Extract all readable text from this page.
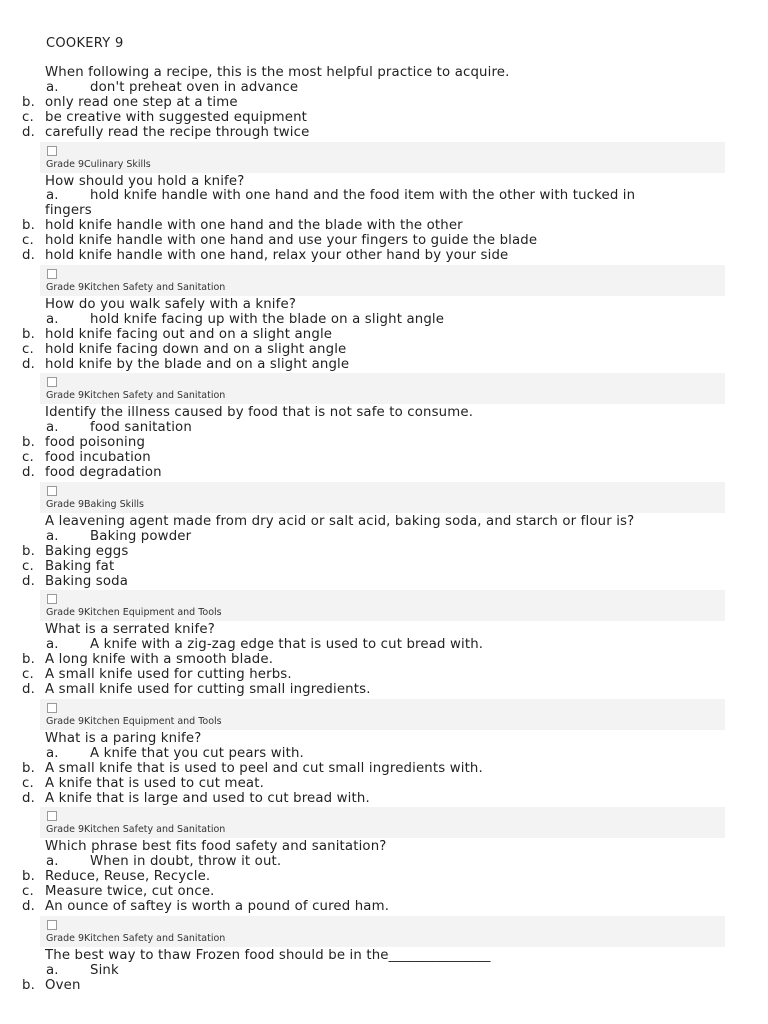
COOKERY 9
When following a recipe, this is the most helpful practice to acquire.
a. don't preheat oven in advance
b. only read one step at a time
c. be creative with suggested equipment
d. carefully read the recipe through twice
Grade 9Culinary Skills
How should you hold a knife?
a. hold knife handle with one hand and the food item with the other with tucked in
fingers
b. hold knife handle with one hand and the blade with the other
c. hold knife handle with one hand and use your fingers to guide the blade
d. hold knife handle with one hand, relax your other hand by your side
Grade 9Kitchen Safety and Sanitation
How do you walk safely with a knife?
a. hold knife facing up with the blade on a slight angle
b. hold knife facing out and on a slight angle
c. hold knife facing down and on a slight angle
d. hold knife by the blade and on a slight angle
Grade 9Kitchen Safety and Sanitation
Identify the illness caused by food that is not safe to consume.
a. food sanitation
b. food poisoning
c. food incubation
d. food degradation
Grade 9Baking Skills
A leavening agent made from dry acid or salt acid, baking soda, and starch or flour is?
a. Baking powder
b. Baking eggs
c. Baking fat
d. Baking soda
Grade 9Kitchen Equipment and Tools
What is a serrated knife?
a. A knife with a zig-zag edge that is used to cut bread with.
b. A long knife with a smooth blade.
c. A small knife used for cutting herbs.
d. A small knife used for cutting small ingredients.
Grade 9Kitchen Equipment and Tools
What is a paring knife?
a. A knife that you cut pears with.
b. A small knife that is used to peel and cut small ingredients with.
c. A knife that is used to cut meat.
d. A knife that is large and used to cut bread with.
Grade 9Kitchen Safety and Sanitation
Which phrase best fits food safety and sanitation?
a. When in doubt, throw it out.
b. Reduce, Reuse, Recycle.
c. Measure twice, cut once.
d. An ounce of saftey is worth a pound of cured ham.
Grade 9Kitchen Safety and Sanitation
The best way to thaw Frozen food should be in the_______________
a. Sink
b. Oven
